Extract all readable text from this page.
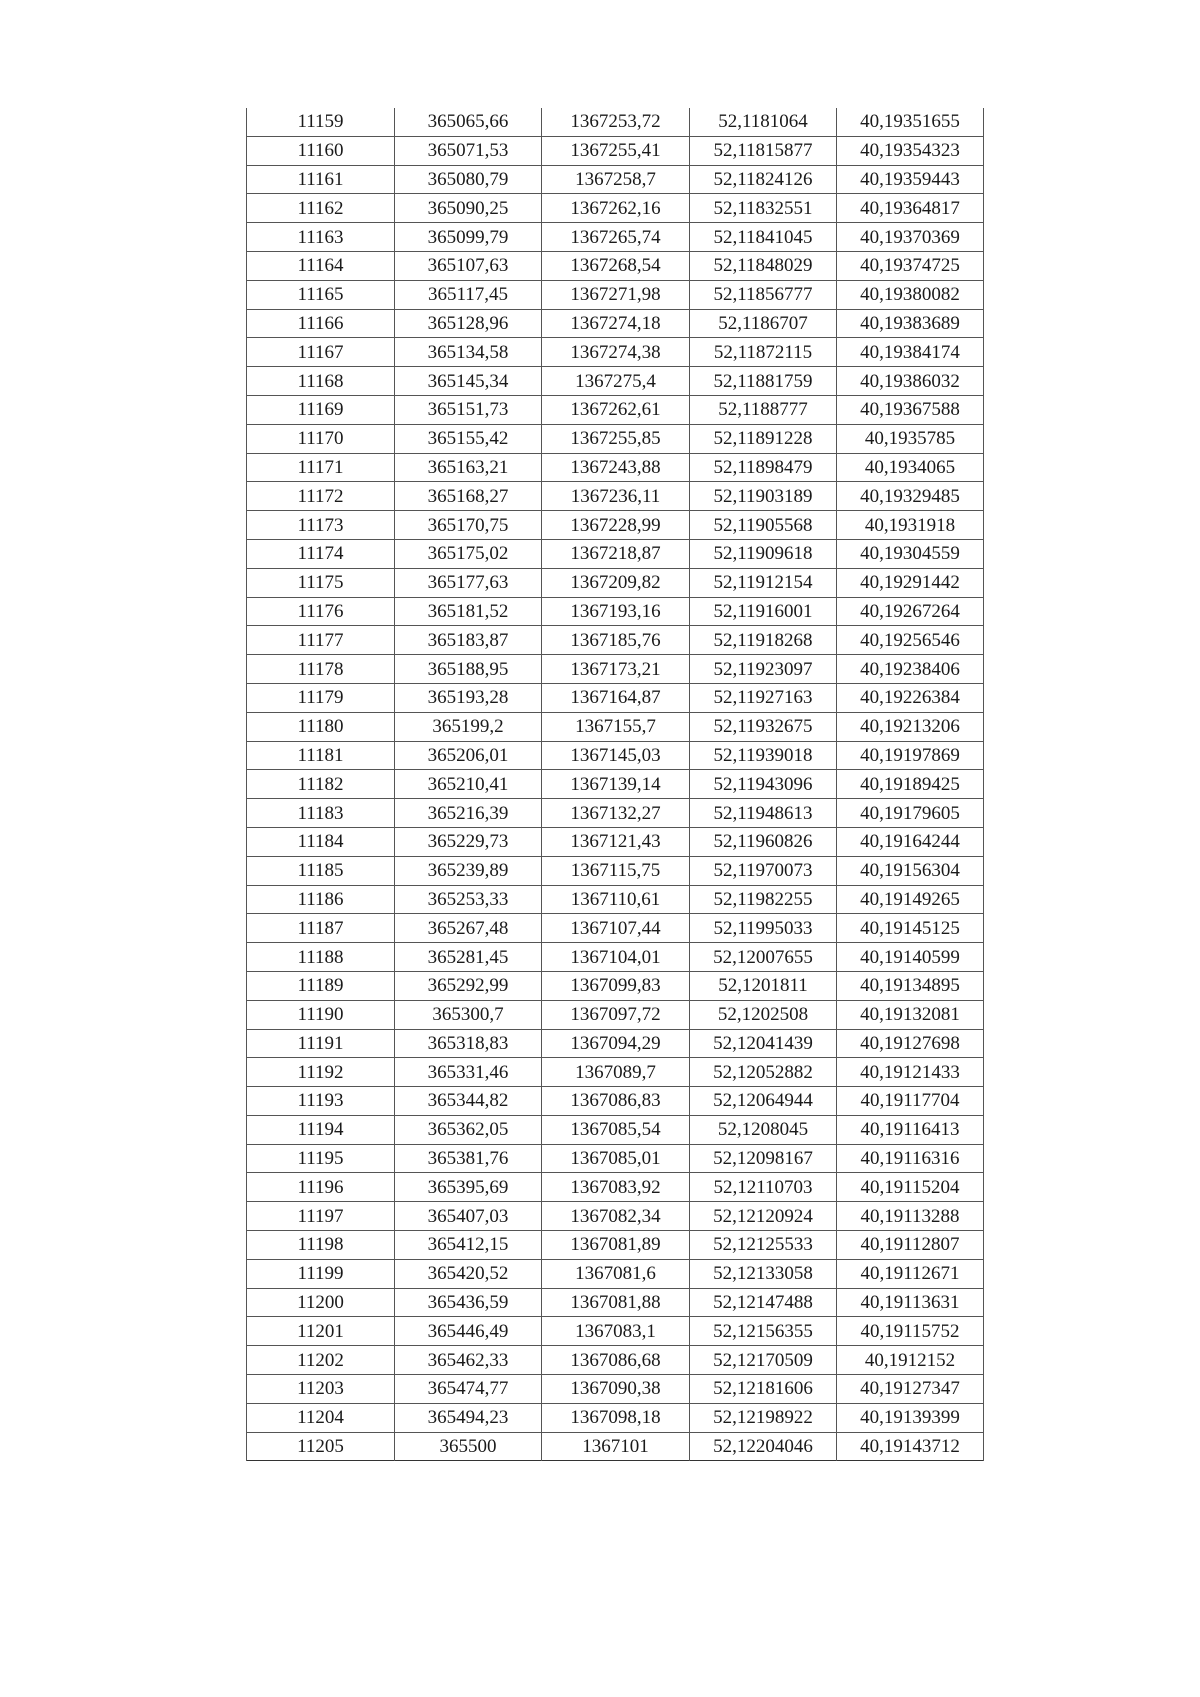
11159	365065,66	1367253,72	52,1181064	40,19351655
11160	365071,53	1367255,41	52,11815877	40,19354323
11161	365080,79	1367258,7	52,11824126	40,19359443
11162	365090,25	1367262,16	52,11832551	40,19364817
11163	365099,79	1367265,74	52,11841045	40,19370369
11164	365107,63	1367268,54	52,11848029	40,19374725
11165	365117,45	1367271,98	52,11856777	40,19380082
11166	365128,96	1367274,18	52,1186707	40,19383689
11167	365134,58	1367274,38	52,11872115	40,19384174
11168	365145,34	1367275,4	52,11881759	40,19386032
11169	365151,73	1367262,61	52,1188777	40,19367588
11170	365155,42	1367255,85	52,11891228	40,1935785
11171	365163,21	1367243,88	52,11898479	40,1934065
11172	365168,27	1367236,11	52,11903189	40,19329485
11173	365170,75	1367228,99	52,11905568	40,1931918
11174	365175,02	1367218,87	52,11909618	40,19304559
11175	365177,63	1367209,82	52,11912154	40,19291442
11176	365181,52	1367193,16	52,11916001	40,19267264
11177	365183,87	1367185,76	52,11918268	40,19256546
11178	365188,95	1367173,21	52,11923097	40,19238406
11179	365193,28	1367164,87	52,11927163	40,19226384
11180	365199,2	1367155,7	52,11932675	40,19213206
11181	365206,01	1367145,03	52,11939018	40,19197869
11182	365210,41	1367139,14	52,11943096	40,19189425
11183	365216,39	1367132,27	52,11948613	40,19179605
11184	365229,73	1367121,43	52,11960826	40,19164244
11185	365239,89	1367115,75	52,11970073	40,19156304
11186	365253,33	1367110,61	52,11982255	40,19149265
11187	365267,48	1367107,44	52,11995033	40,19145125
11188	365281,45	1367104,01	52,12007655	40,19140599
11189	365292,99	1367099,83	52,1201811	40,19134895
11190	365300,7	1367097,72	52,1202508	40,19132081
11191	365318,83	1367094,29	52,12041439	40,19127698
11192	365331,46	1367089,7	52,12052882	40,19121433
11193	365344,82	1367086,83	52,12064944	40,19117704
11194	365362,05	1367085,54	52,1208045	40,19116413
11195	365381,76	1367085,01	52,12098167	40,19116316
11196	365395,69	1367083,92	52,12110703	40,19115204
11197	365407,03	1367082,34	52,12120924	40,19113288
11198	365412,15	1367081,89	52,12125533	40,19112807
11199	365420,52	1367081,6	52,12133058	40,19112671
11200	365436,59	1367081,88	52,12147488	40,19113631
11201	365446,49	1367083,1	52,12156355	40,19115752
11202	365462,33	1367086,68	52,12170509	40,1912152
11203	365474,77	1367090,38	52,12181606	40,19127347
11204	365494,23	1367098,18	52,12198922	40,19139399
11205	365500	1367101	52,12204046	40,19143712
